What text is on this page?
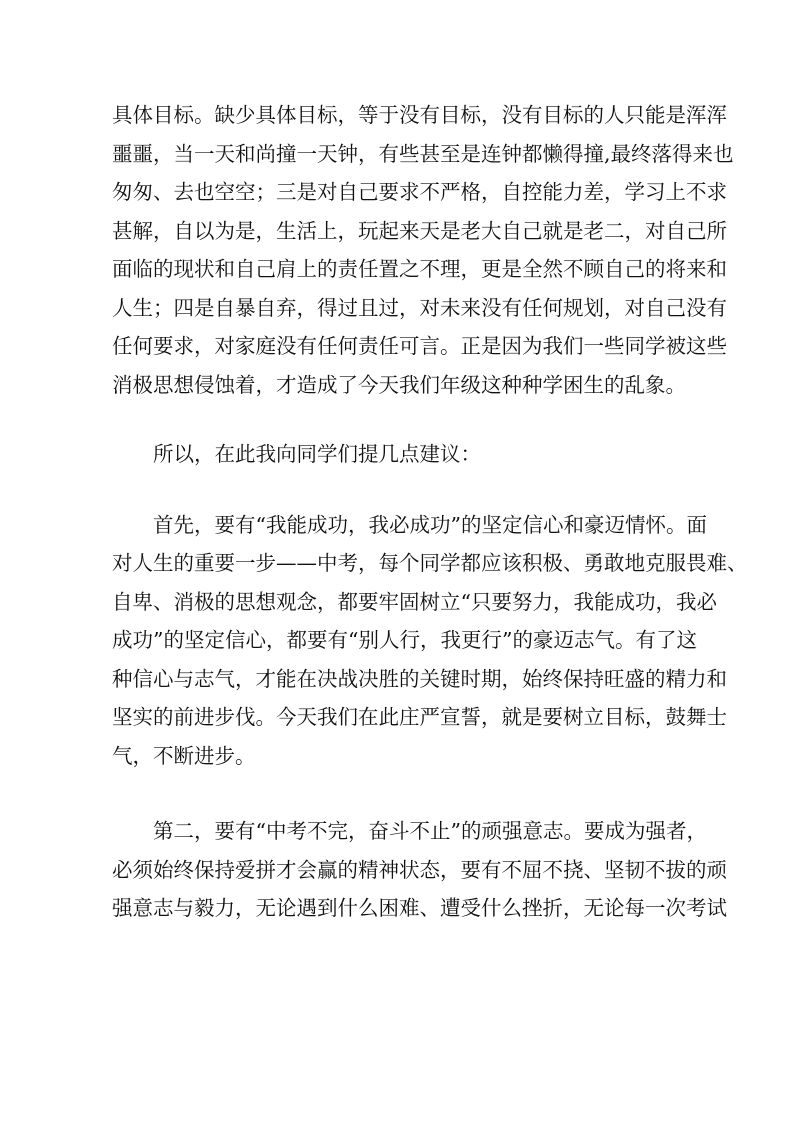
具体目标。缺少具体目标，等于没有目标，没有目标的人只能是浑浑
噩噩，当一天和尚撞一天钟，有些甚至是连钟都懒得撞,最终落得来也
匆匆、去也空空；三是对自己要求不严格，自控能力差，学习上不求
甚解，自以为是，生活上，玩起来天是老大自己就是老二，对自己所
面临的现状和自己肩上的责任置之不理，更是全然不顾自己的将来和
人生；四是自暴自弃，得过且过，对未来没有任何规划，对自己没有
任何要求，对家庭没有任何责任可言。正是因为我们一些同学被这些
消极思想侵蚀着，才造成了今天我们年级这种种学困生的乱象。
所以，在此我向同学们提几点建议：
首先，要有“我能成功，我必成功”的坚定信心和豪迈情怀。面
对人生的重要一步——中考，每个同学都应该积极、勇敢地克服畏难、
自卑、消极的思想观念，都要牢固树立“只要努力，我能成功，我必
成功”的坚定信心，都要有“别人行，我更行”的豪迈志气。有了这
种信心与志气，才能在决战决胜的关键时期，始终保持旺盛的精力和
坚实的前进步伐。今天我们在此庄严宣誓，就是要树立目标，鼓舞士
气，不断进步。
第二，要有“中考不完，奋斗不止”的顽强意志。要成为强者，
必须始终保持爱拼才会赢的精神状态，要有不屈不挠、坚韧不拔的顽
强意志与毅力，无论遇到什么困难、遭受什么挫折，无论每一次考试
